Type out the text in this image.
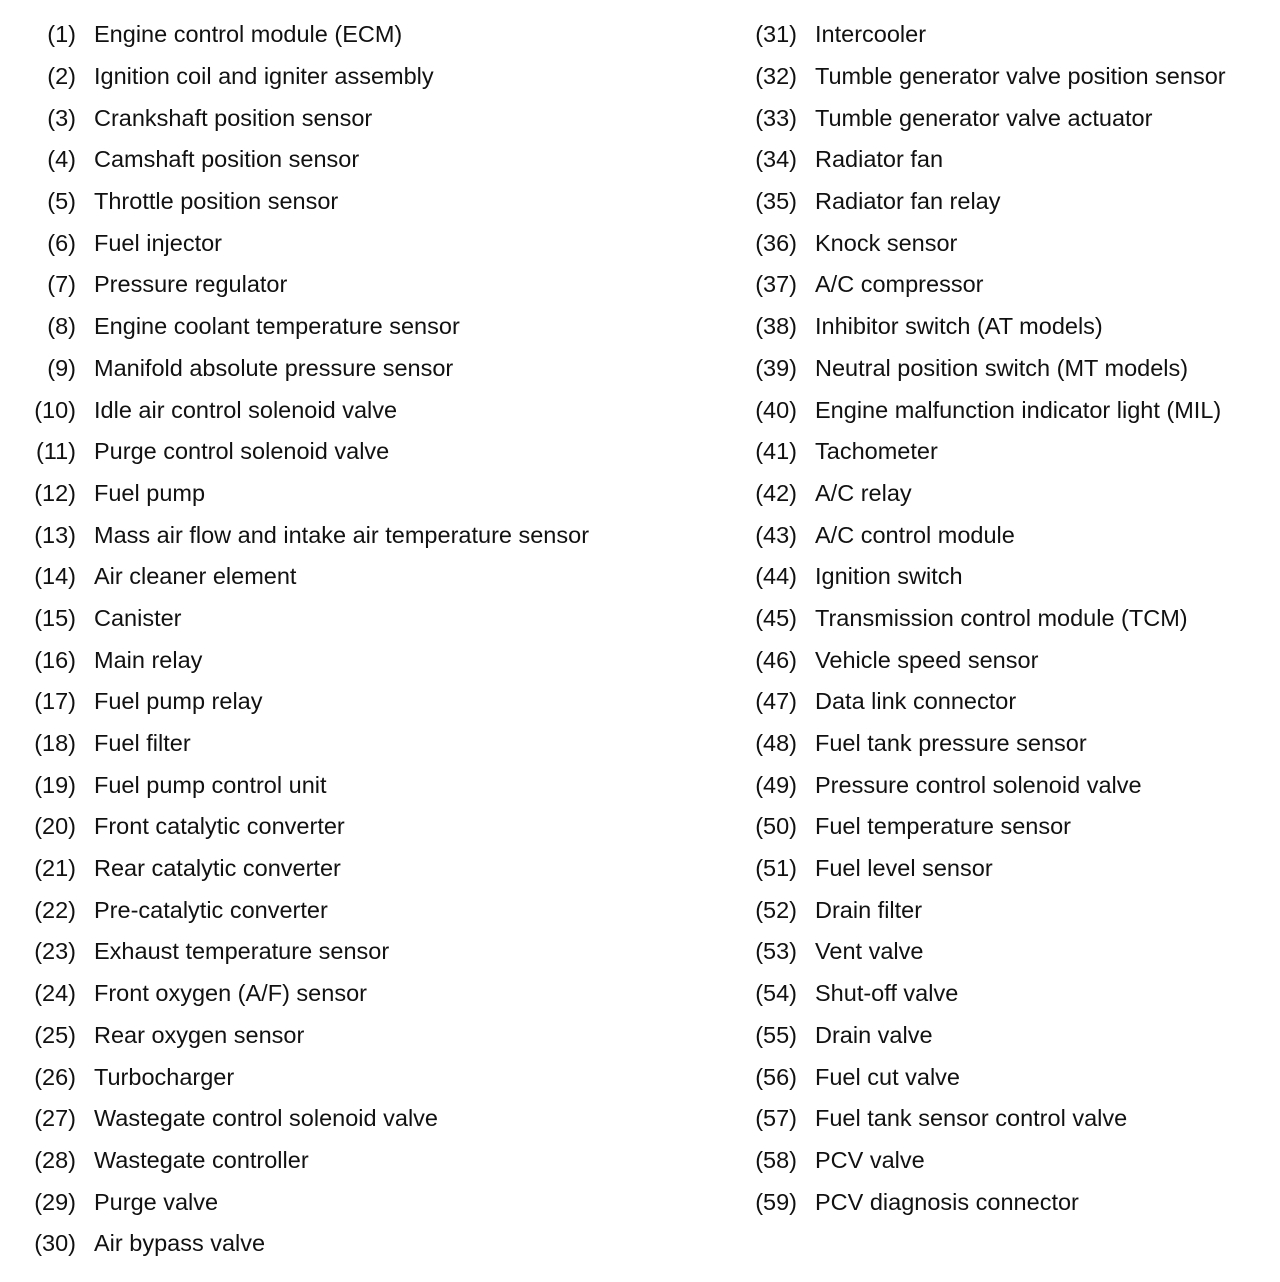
(1) Engine control module (ECM)
(2) Ignition coil and igniter assembly
(3) Crankshaft position sensor
(4) Camshaft position sensor
(5) Throttle position sensor
(6) Fuel injector
(7) Pressure regulator
(8) Engine coolant temperature sensor
(9) Manifold absolute pressure sensor
(10) Idle air control solenoid valve
(11) Purge control solenoid valve
(12) Fuel pump
(13) Mass air flow and intake air temperature sensor
(14) Air cleaner element
(15) Canister
(16) Main relay
(17) Fuel pump relay
(18) Fuel filter
(19) Fuel pump control unit
(20) Front catalytic converter
(21) Rear catalytic converter
(22) Pre-catalytic converter
(23) Exhaust temperature sensor
(24) Front oxygen (A/F) sensor
(25) Rear oxygen sensor
(26) Turbocharger
(27) Wastegate control solenoid valve
(28) Wastegate controller
(29) Purge valve
(30) Air bypass valve
(31) Intercooler
(32) Tumble generator valve position sensor
(33) Tumble generator valve actuator
(34) Radiator fan
(35) Radiator fan relay
(36) Knock sensor
(37) A/C compressor
(38) Inhibitor switch (AT models)
(39) Neutral position switch (MT models)
(40) Engine malfunction indicator light (MIL)
(41) Tachometer
(42) A/C relay
(43) A/C control module
(44) Ignition switch
(45) Transmission control module (TCM)
(46) Vehicle speed sensor
(47) Data link connector
(48) Fuel tank pressure sensor
(49) Pressure control solenoid valve
(50) Fuel temperature sensor
(51) Fuel level sensor
(52) Drain filter
(53) Vent valve
(54) Shut-off valve
(55) Drain valve
(56) Fuel cut valve
(57) Fuel tank sensor control valve
(58) PCV valve
(59) PCV diagnosis connector
